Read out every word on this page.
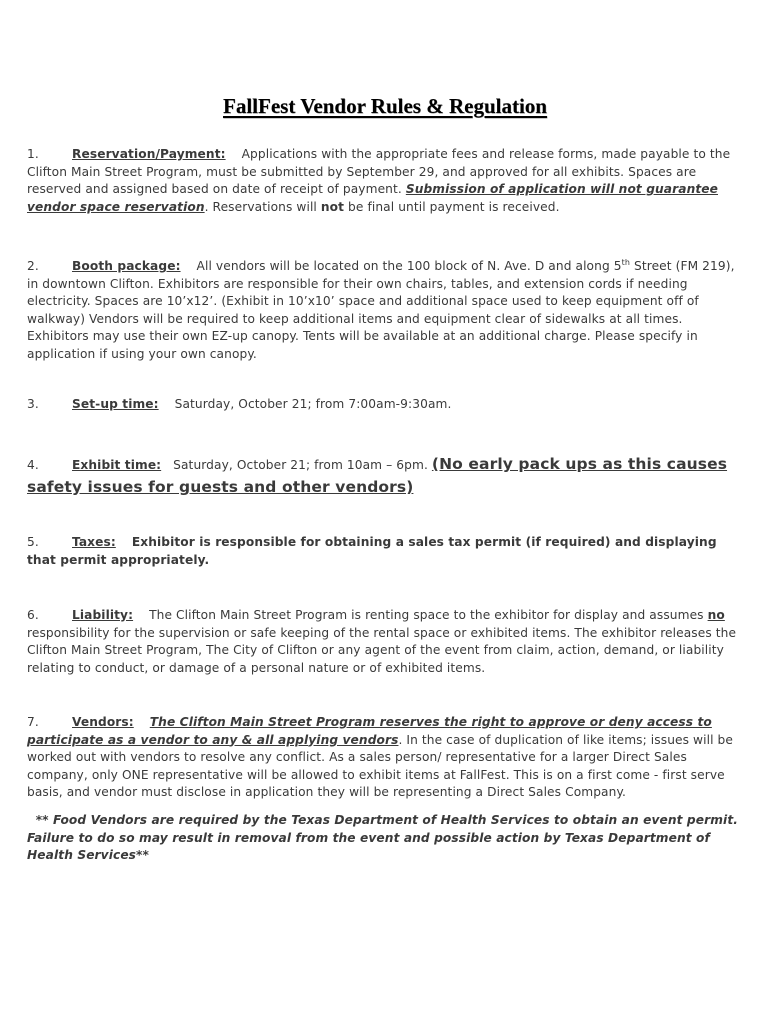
FallFest Vendor Rules & Regulation

1.	Reservation/Payment: Applications with the appropriate fees and release forms, made payable to the Clifton Main Street Program, must be submitted by September 29, and approved for all exhibits. Spaces are reserved and assigned based on date of receipt of payment. Submission of application will not guarantee vendor space reservation. Reservations will not be final until payment is received.

2.	Booth package: All vendors will be located on the 100 block of N. Ave. D and along 5th Street (FM 219), in downtown Clifton. Exhibitors are responsible for their own chairs, tables, and extension cords if needing electricity. Spaces are 10’x12’. (Exhibit in 10’x10’ space and additional space used to keep equipment off of walkway) Vendors will be required to keep additional items and equipment clear of sidewalks at all times. Exhibitors may use their own EZ-up canopy. Tents will be available at an additional charge. Please specify in application if using your own canopy.

3.	Set-up time: Saturday, October 21; from 7:00am-9:30am.

4.	Exhibit time: Saturday, October 21; from 10am – 6pm. (No early pack ups as this causes safety issues for guests and other vendors)

5.	Taxes: Exhibitor is responsible for obtaining a sales tax permit (if required) and displaying that permit appropriately.

6.	Liability: The Clifton Main Street Program is renting space to the exhibitor for display and assumes no responsibility for the supervision or safe keeping of the rental space or exhibited items. The exhibitor releases the Clifton Main Street Program, The City of Clifton or any agent of the event from claim, action, demand, or liability relating to conduct, or damage of a personal nature or of exhibited items.

7.	Vendors: The Clifton Main Street Program reserves the right to approve or deny access to participate as a vendor to any & all applying vendors. In the case of duplication of like items; issues will be worked out with vendors to resolve any conflict. As a sales person/ representative for a larger Direct Sales company, only ONE representative will be allowed to exhibit items at FallFest. This is on a first come - first serve basis, and vendor must disclose in application they will be representing a Direct Sales Company.

** Food Vendors are required by the Texas Department of Health Services to obtain an event permit. Failure to do so may result in removal from the event and possible action by Texas Department of Health Services**
